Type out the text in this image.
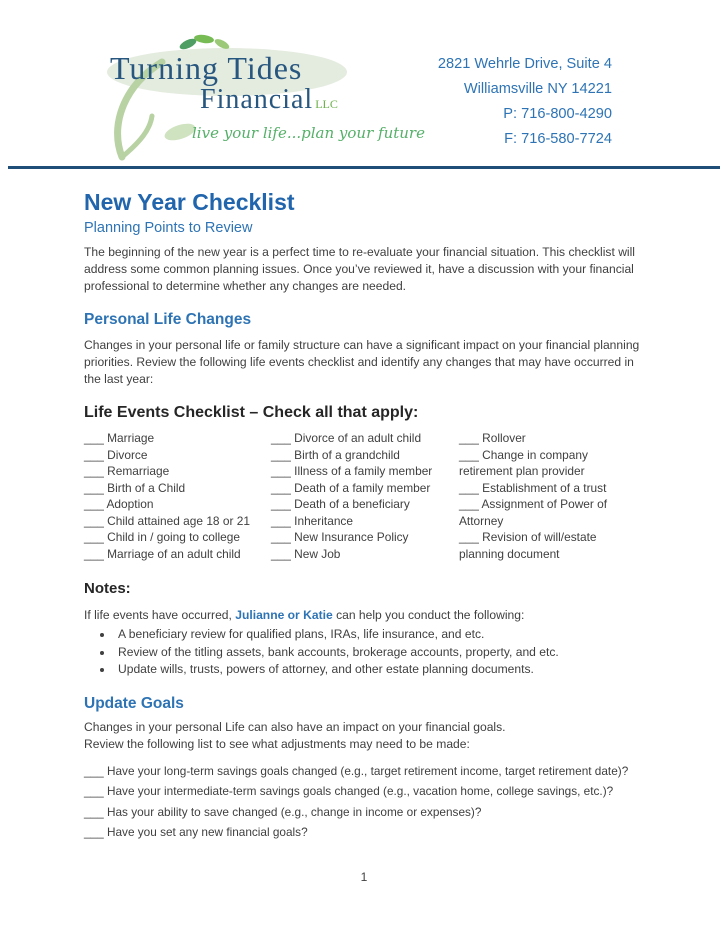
Turning Tides
Financial LLC
live your life...plan your future
2821 Wehrle Drive, Suite 4
Williamsville NY 14221
P: 716-800-4290
F: 716-580-7724
New Year Checklist
Planning Points to Review

The beginning of the new year is a perfect time to re-evaluate your financial situation. This checklist will address some common planning issues. Once you’ve reviewed it, have a discussion with your financial professional to determine whether any changes are needed.

Personal Life Changes

Changes in your personal life or family structure can have a significant impact on your financial planning priorities. Review the following life events checklist and identify any changes that may have occurred in the last year:

Life Events Checklist – Check all that apply:
___ Marriage
___ Divorce
___ Remarriage
___ Birth of a Child
___ Adoption
___ Child attained age 18 or 21
___ Child in / going to college
___ Marriage of an adult child
___ Divorce of an adult child
___ Birth of a grandchild
___ Illness of a family member
___ Death of a family member
___ Death of a beneficiary
___ Inheritance
___ New Insurance Policy
___ New Job
___ Rollover
___ Change in company retirement plan provider
___ Establishment of a trust
___ Assignment of Power of Attorney
___ Revision of will/estate planning document
Notes:
If life events have occurred, Julianne or Katie can help you conduct the following:
• A beneficiary review for qualified plans, IRAs, life insurance, and etc.
• Review of the titling assets, bank accounts, brokerage accounts, property, and etc.
• Update wills, trusts, powers of attorney, and other estate planning documents.
Update Goals
Changes in your personal Life can also have an impact on your financial goals.
Review the following list to see what adjustments may need to be made:
___ Have your long-term savings goals changed (e.g., target retirement income, target retirement date)?
___ Have your intermediate-term savings goals changed (e.g., vacation home, college savings, etc.)?
___ Has your ability to save changed (e.g., change in income or expenses)?
___ Have you set any new financial goals?
1
